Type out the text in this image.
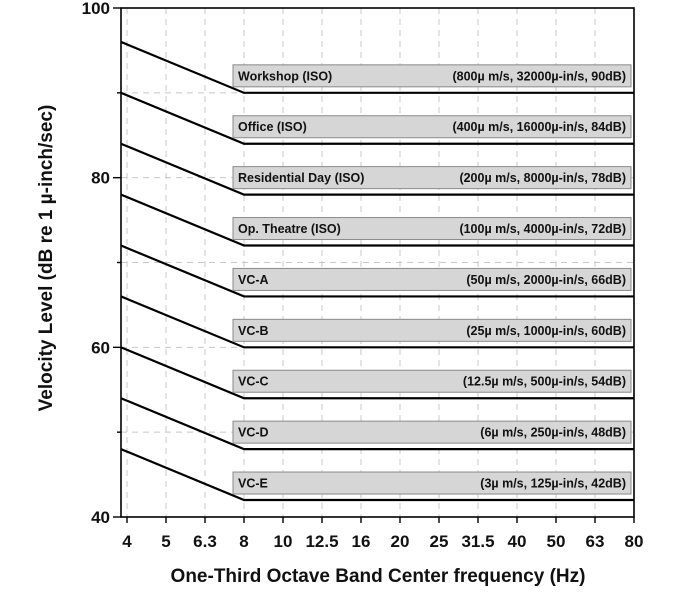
40
60
80
100
4 5 6.3 8 10 12.5 16 20 25 31.5 40 50 63 80
Workshop (ISO)	(800µ m/s, 32000µ-in/s, 90dB)
Office (ISO)	(400µ m/s, 16000µ-in/s, 84dB)
Residential Day (ISO)	(200µ m/s, 8000µ-in/s, 78dB)
Op. Theatre (ISO)	(100µ m/s, 4000µ-in/s, 72dB)
VC-A	(50µ m/s, 2000µ-in/s, 66dB)
VC-B	(25µ m/s, 1000µ-in/s, 60dB)
VC-C	(12.5µ m/s, 500µ-in/s, 54dB)
VC-D	(6µ m/s, 250µ-in/s, 48dB)
VC-E	(3µ m/s, 125µ-in/s, 42dB)
One-Third Octave Band Center frequency (Hz)
Velocity Level (dB re 1 µ-inch/sec)
